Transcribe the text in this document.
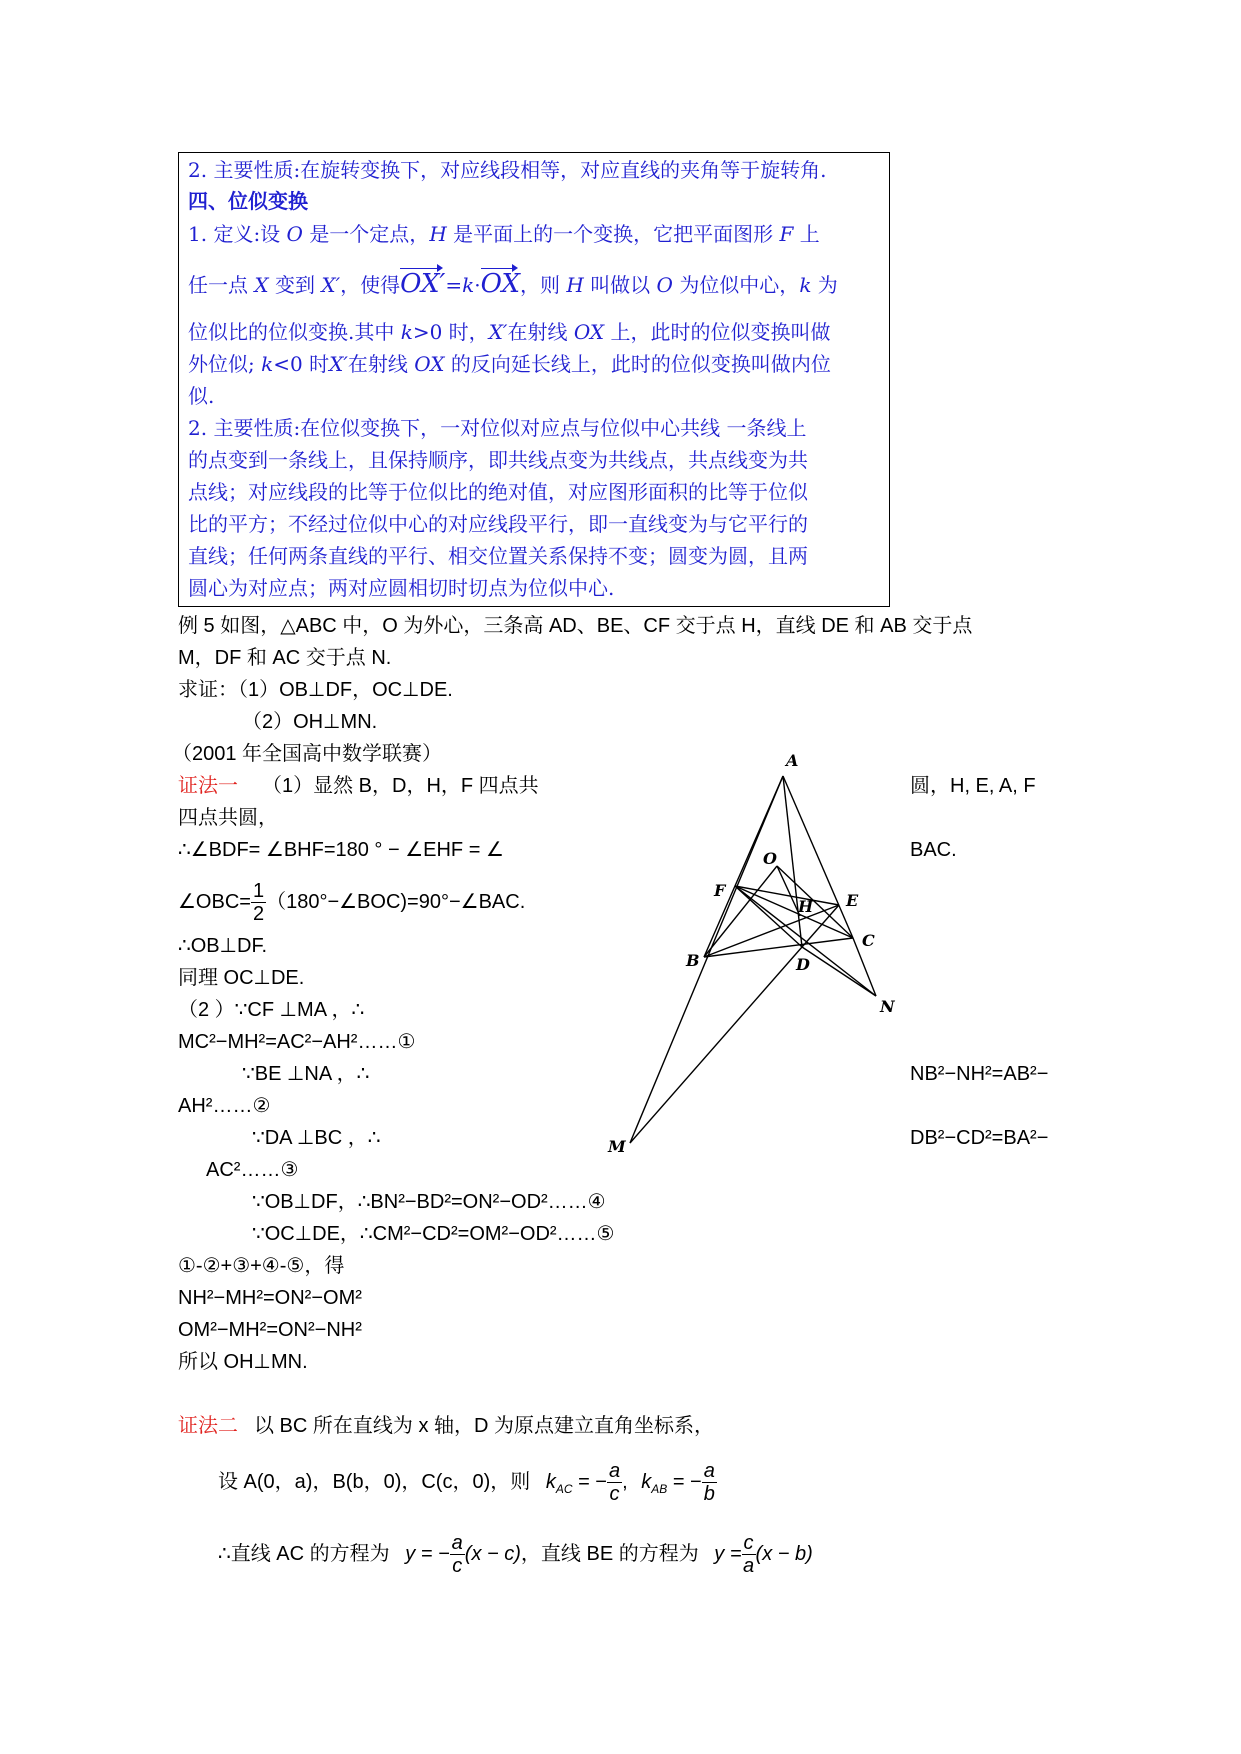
2. 主要性质:在旋转变换下，对应线段相等，对应直线的夹角等于旋转角.
四、位似变换
1. 定义:设 O 是一个定点，H 是平面上的一个变换，它把平面图形 F 上
任一点 X 变到 X′，使得OX′=k·OX，则 H 叫做以 O 为位似中心，k 为
位似比的位似变换.其中 k>0 时，X′在射线 OX 上，此时的位似变换叫做
外位似; k<0 时X′在射线 OX 的反向延长线上，此时的位似变换叫做内位
似.
2. 主要性质:在位似变换下，一对位似对应点与位似中心共线 一条线上
的点变到一条线上，且保持顺序，即共线点变为共线点，共点线变为共
点线；对应线段的比等于位似比的绝对值，对应图形面积的比等于位似
比的平方；不经过位似中心的对应线段平行，即一直线变为与它平行的
直线；任何两条直线的平行、相交位置关系保持不变；圆变为圆，且两
圆心为对应点；两对应圆相切时切点为位似中心.
例 5 如图，△ABC 中，O 为外心，三条高 AD、BE、CF 交于点 H，直线 DE 和 AB 交于点
M，DF 和 AC 交于点 N.
求证：（1）OB⊥DF，OC⊥DE.
（2）OH⊥MN.
（2001 年全国高中数学联赛）
证法一 （1）显然 B，D，H，F 四点共	圆，H, E, A, F
四点共圆，
∴∠BDF= ∠BHF=180 ° − ∠EHF = ∠	BAC.
∠OBC= $\frac{1}{2}$ （180°−∠BOC)=90°−∠BAC.
∴OB⊥DF.
同理 OC⊥DE.
（2 ）∵CF ⊥MA ，∴
MC²−MH²=AC²−AH²……①
∵BE ⊥NA ，∴	NB²−NH²=AB²−
AH²……②
∵DA ⊥BC ，∴	DB²−CD²=BA²−
AC²……③
∵OB⊥DF，∴BN²−BD²=ON²−OD²……④
∵OC⊥DE，∴CM²−CD²=OM²−OD²……⑤
①-②+③+④-⑤，得
NH²−MH²=ON²−OM²
OM²−MH²=ON²−NH²
所以 OH⊥MN.
证法二 以 BC 所在直线为 x 轴，D 为原点建立直角坐标系，
设 A(0，a)，B(b，0)，C(c，0)，则 $k_{AC}$ = − $\frac{a}{c}$ , $k_{AB}$ = − $\frac{a}{b}$
∴直线 AC 的方程为 y = − $\frac{a}{c} (x - c)$，直线 BE 的方程为 $y = \frac{c}{a} (x - b)$
A
B
C
D
E
F
H
O
M
N
